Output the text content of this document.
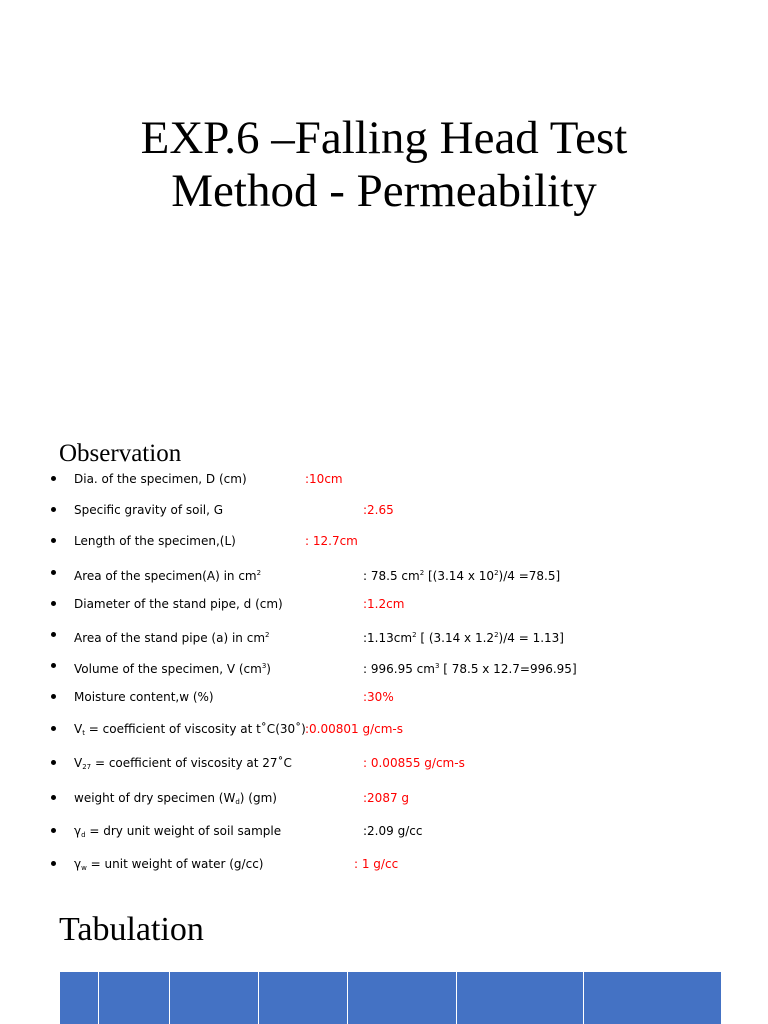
EXP.6 –Falling Head Test
Method - Permeability
Observation
Dia. of the specimen, D (cm)	:10cm
Specific gravity of soil, G	:2.65
Length of the specimen,(L)	: 12.7cm
Area of the specimen(A) in $cm^2$	: 78.5 $cm^2$ [(3.14 x $10^2)/4 =78.5$]
Diameter of the stand pipe, d (cm)	:1.2cm
Area of the stand pipe (a) in $cm^2$	$:1.13cm^2$ [ (3.14 x $1.2^2)/4 = 1.13$]
Volume of the specimen, V $(cm^3)$	: 996.95 $cm^3$ [ 78.5 x 12.7=996.95]
Moisture content,w (%)	:30%
$V_t$ = coefficient of viscosity at t˚C(30˚) :0.00801 g/cm-s
$V_{27}$ = coefficient of viscosity at 27˚C	: 0.00855 g/cm-s
weight of dry specimen $(W_d)$ (gm)	:2087 g
$\gamma_d$ = dry unit weight of soil sample	:2.09 g/cc
$\gamma_w$ = unit weight of water (g/cc)	: 1 g/cc
Tabulation
